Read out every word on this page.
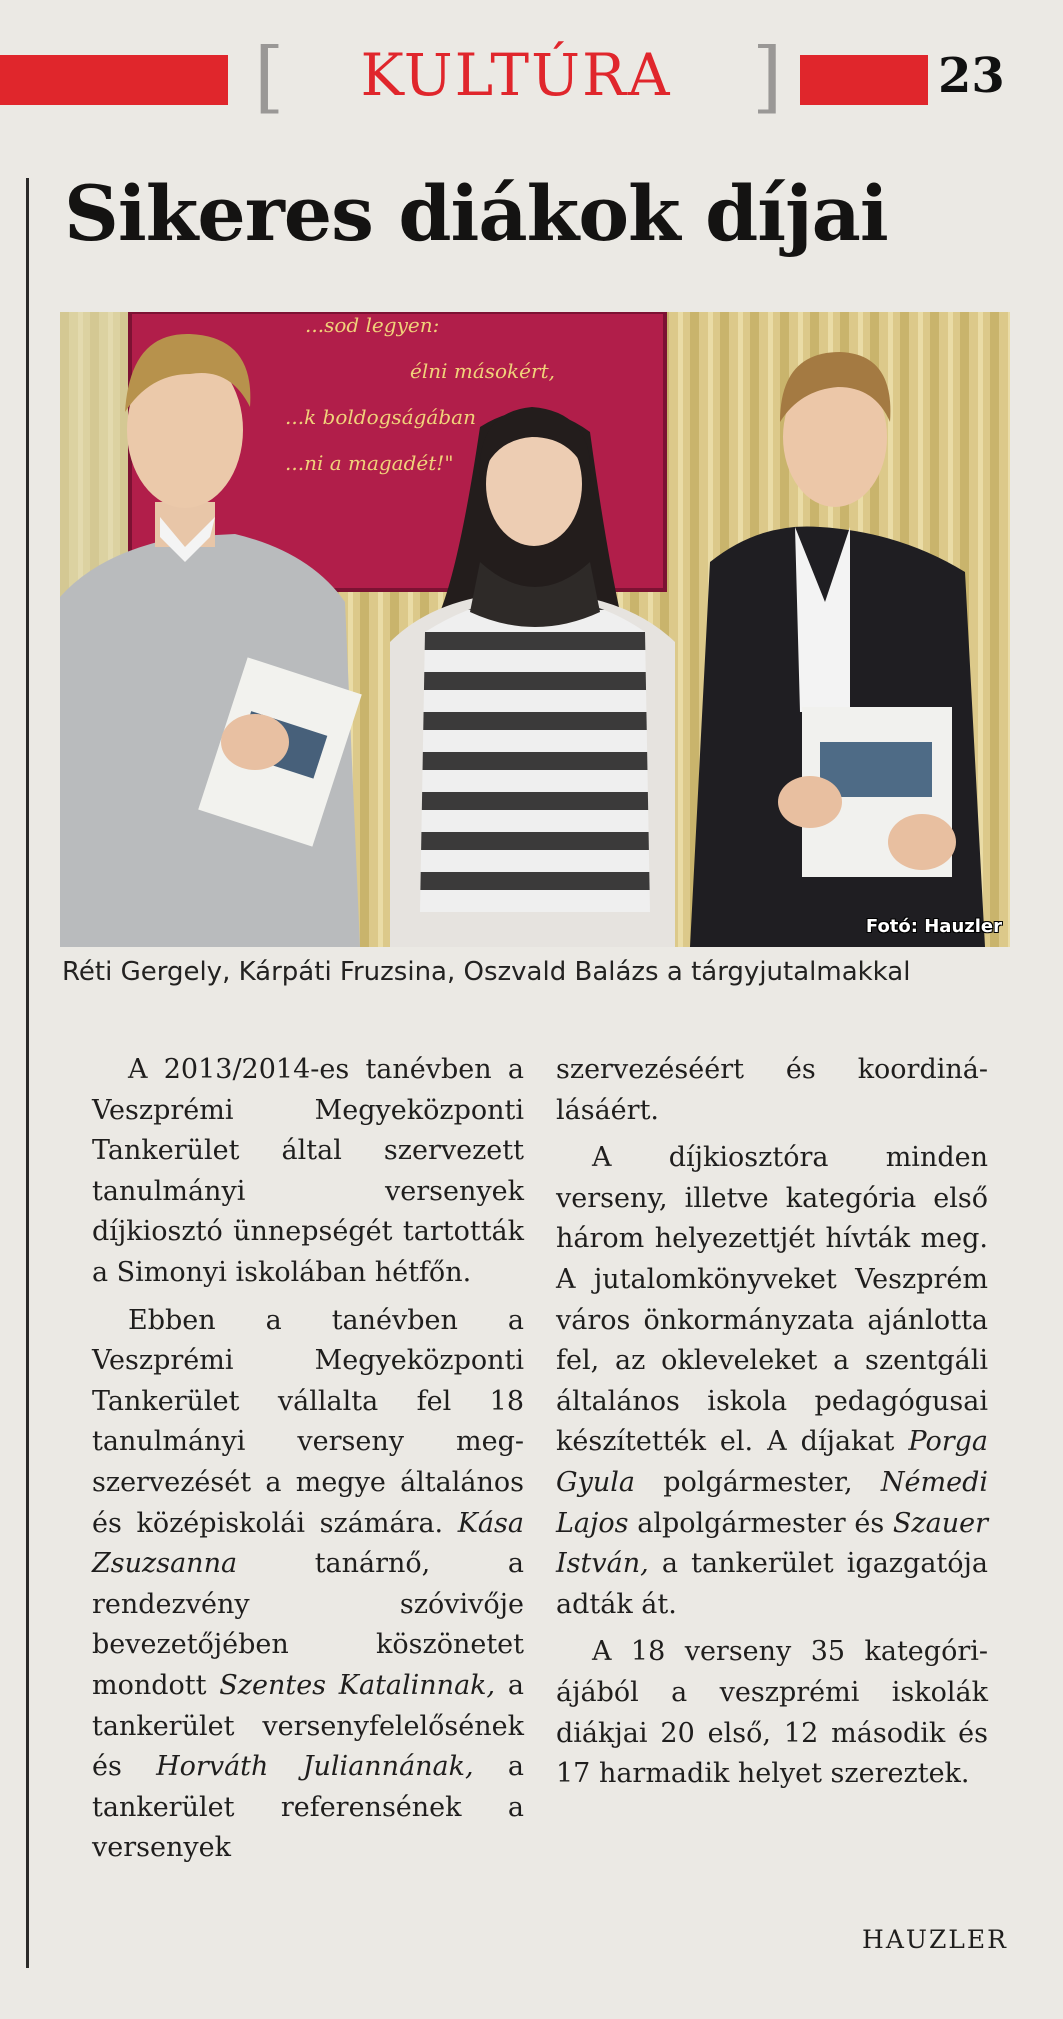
[	KULTÚRA	]	23
Sikeres diákok díjai
...sod legyen:
élni másokért,
...k boldogságában
...ni a magadét!"
Fotó: Hauzler
Réti Gergely, Kárpáti Fruzsina, Oszvald Balázs a tárgyjutalmakkal

A 2013/2014-es tanévben a Veszprémi Megyeközponti Tankerület által szervezett tanulmányi versenyek díjkiosztó ünnepségét tartották a Simonyi iskolában hétfőn.

Ebben a tanévben a Veszprémi Megyeközponti Tankerület vállalta fel 18 tanulmányi verseny megszervezését a megye általános és középiskolái számára. Kása Zsuzsanna tanárnő, a rendezvény szóvivője bevezetőjében köszönetet mondott Szentes Katalinnak, a tankerület versenyfelelősének és Horváth Juliannának, a tankerület referensének a versenyek

szervezéséért és koordinálásáért.

A díjkiosztóra minden verseny, illetve kategória első három helyezettjét hívták meg. A jutalomkönyveket Veszprém város önkormányzata ajánlotta fel, az okleveleket a szentgáli általános iskola pedagógusai készítették el. A díjakat Porga Gyula polgármester, Némedi Lajos alpolgármester és Szauer István, a tankerület igazgatója adták át.

A 18 verseny 35 kategóriájából a veszprémi iskolák diákjai 20 első, 12 második és 17 harmadik helyet szereztek.

HAUZLER
